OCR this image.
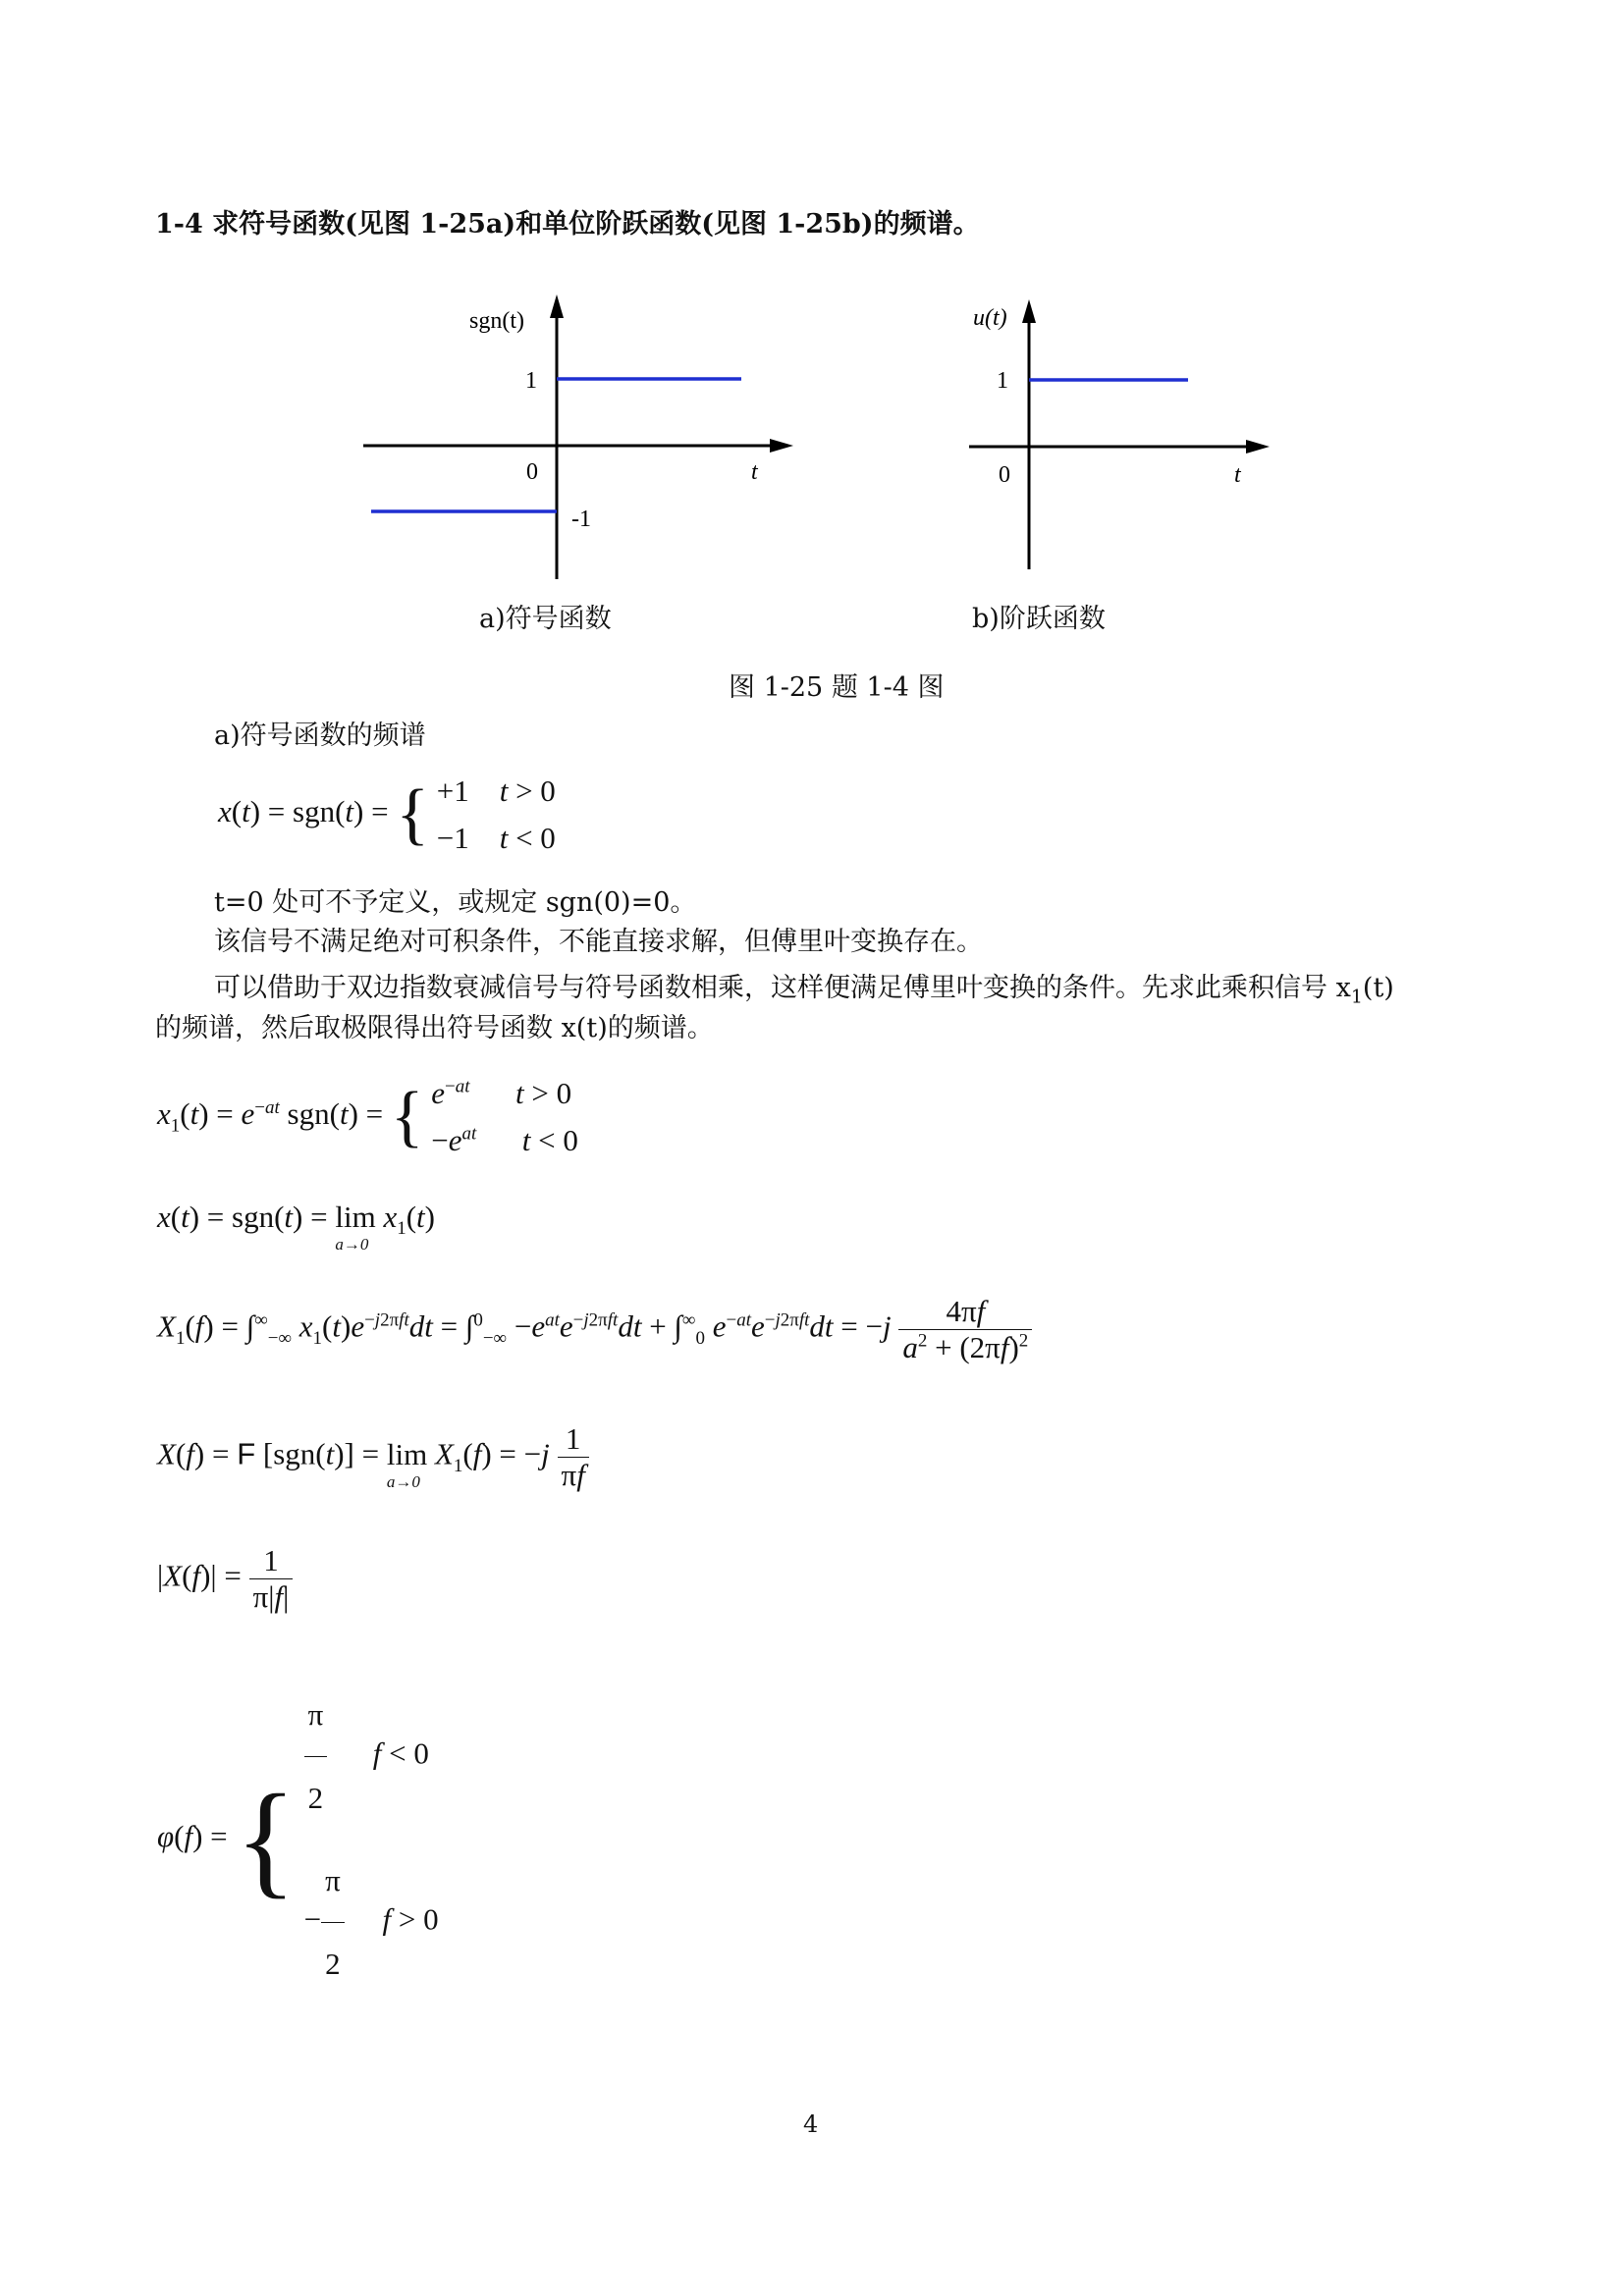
1-4 求符号函数(见图 1-25a)和单位阶跃函数(见图 1-25b)的频谱。
sgn(t)
1
0	t
-1
a)符号函数
u(t)
1
0	t
b)阶跃函数
图 1-25 题 1-4 图
a)符号函数的频谱
x(t) = sgn(t) = { +1    t > 0
−1    t < 0
t=0 处可不予定义，或规定 sgn(0)=0。
该信号不满足绝对可积条件，不能直接求解，但傅里叶变换存在。
可以借助于双边指数衰减信号与符号函数相乘，这样便满足傅里叶变换的条件。先求此乘积信号 $x_1(t)$
的频谱，然后取极限得出符号函数 x(t)的频谱。
$x_1(t) = e^{-at}$ sgn(t) = { $e^{-at}$ t > 0
$-e^{at}$ t < 0
x(t) = sgn(t) = lim
a→0
$x_1(t)$
$X_1(f) = \int^\infty_{-\infty}$ $x_1(t)e^{-j2\pi ft}dt = \int^0_{-\infty} -e^{at}e^{-j2\pi ft}dt + \int^\infty_0$ $e^{-at}e^{-j2\pi ft}dt = -j \frac{4\pi f}{a^2 + (2\pi f)^2}$
X(f) = F [sgn(t)] = lim
a→0
$X_1(f) = -j \frac{1}{\pi f}$
$|X(f)| = \frac{1}{\pi|f|}$
φ(f) = { $\frac{\pi}{2}$ f < 0
− $\frac{\pi}{2}$ f > 0
4
